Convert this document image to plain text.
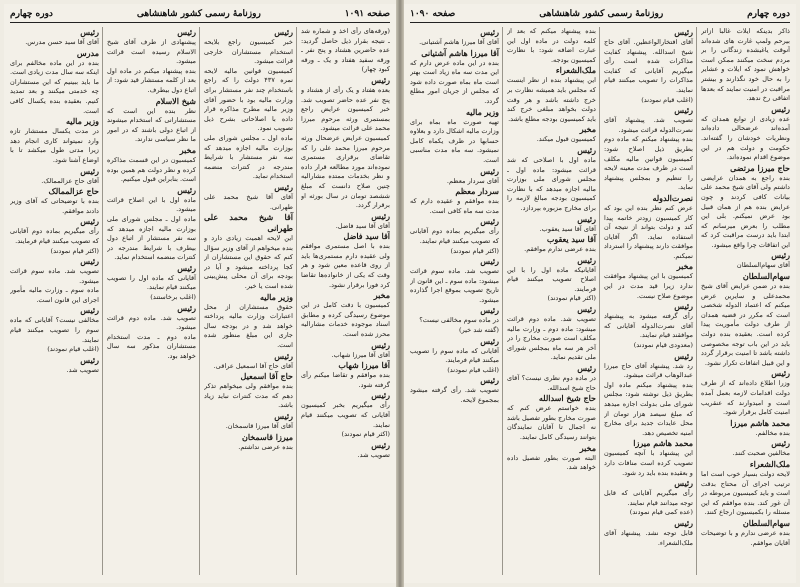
صفحه ۱۰۹۱
روزنامهٔ رسمی کشور شاهنشاهی
دوره چهارم
(ورقه‌های رأی اخذ و شماره شد ـ نتیجه بقرار ذیل حاصل گردید: عده حاضرین هشتاد و پنج نفر ـ ورقه سفید هفتاد و یک ـ ورقه کبود چهار)
رئیس
بعده هفتاد و یک رأی از هشتاد و پنج نفر عده حاضر تصویب شد. خبر کمیسیون عرایض راجع بمستمری ورثه مرحوم میرزا محمد علی قرائت میشود.
کمیسیون عرایض عرضحال ورثه مرحوم میرزا محمد علی را که تقاضای برقراری مستمری نموده‌اند مورد مطالعه قرار داده و نظر بخدمات ممتده مشارالیه چنین صلاح دانست که مبلغ ششصد تومان در سال بورثه او برقرار گردد.
رئیس
آقای آقا سید فاضل.
آقا سید فاضل
بنده با اصل مستمری موافقم ولی عقیده دارم مستمری‌ها باید از روی قاعده معین شود و هر وقت که یکی از خانواده‌ها تقاضا کرد فورا برقرار نشود.
مخبر
کمیسیون با دقت کامل در این موضوع رسیدگی کرده و مطابق اسناد موجوده خدمات مشارالیه محرز شده است.
رئیس
آقای آقا میرزا شهاب.
آقا میرزا شهاب
بنده موافقم و تقاضا میکنم رأی گرفته شود.
رئیس
رأی میگیریم بخبر کمیسیون آقایانی که تصویب میکنند قیام نمایند.
(اکثر قیام نمودند)
رئیس
تصویب شد.
رئیس
خبر کمیسیون راجع بلایحه استخدام مستشاران خارجی قرائت میشود.
کمیسیون قوانین مالیه لایحه نمره ۴۳۷ دولت را که راجع باستخدام چند نفر مستشار برای وزارت مالیه بود با حضور آقای وزیر مالیه مطرح مذاکره قرار داده با اصلاحاتی بشرح ذیل تصویب نمود.
ماده اول ـ مجلس شورای ملی بوزارت مالیه اجازه میدهد که سه نفر مستشار با شرایط مندرجه در کنترات منضمه استخدام نماید.
رئیس
آقای آقا شیخ محمد علی طهرانی.
آقا شیخ محمد علی طهرانی
این لایحه اهمیت زیادی دارد و بنده میخواهم از آقای وزیر سؤال کنم که حقوق این مستشاران از کجا پرداخته میشود و آیا در بودجه برای آن محلی پیش‌بینی شده است یا خیر.
وزیر مالیه
حقوق مستشاران از محل اعتبارات وزارت مالیه پرداخته خواهد شد و در بودجه سال جاری این مبلغ منظور شده است.
رئیس
آقای حاج آقا اسمعیل عراقی.
حاج آقا اسمعیل
بنده موافقم ولی میخواهم تذکر دهم که مدت کنترات نباید زیاد باشد.
رئیس
آقای آقا میرزا قاسمخان.
میرزا قاسمخان
بنده عرضی نداشتم.
رئیس
پیشنهادی از طرف آقای شیخ الاسلام رسیده است قرائت میشود.
بنده پیشنهاد میکنم در ماده اول بعد از کلمه مستشار قید شود: از اتباع دول بیطرف.
شیخ الاسلام
نظر بنده این است که مستشارانی که استخدام میشوند از اتباع دولی باشند که در امور ما نظر سیاسی ندارند.
مخبر
کمیسیون در این قسمت مذاکره کرده و نظر دولت هم همین بوده است. بنابراین قبول میکنیم.
رئیس
ماده اول با این اصلاح قرائت میشود.
ماده اول ـ مجلس شورای ملی بوزارت مالیه اجازه میدهد که سه نفر مستشار از اتباع دول بیطرف با شرایط مندرجه در کنترات منضمه استخدام نماید.
رئیس
آقایانی که ماده اول را تصویب میکنند قیام نمایند.
(اغلب برخاستند)
رئیس
تصویب شد. ماده دوم قرائت میشود.
ماده دوم ـ مدت استخدام مستشاران مذکور سه سال خواهد بود.
رئیس
آقای آقا سید حسن مدرس.
مدرس
بنده در این ماده مخالفم برای اینکه سه سال مدت زیادی است. ما باید ببینیم که این مستشاران چه خدمتی میکنند و بعد تمدید کنیم. بعقیده بنده یکسال کافی است.
وزیر مالیه
در مدت یکسال مستشار تازه وارد نمیتواند کاری انجام دهد زیرا مدتی طول میکشد تا با اوضاع آشنا شود.
رئیس
آقای حاج عزالممالک.
حاج عزالممالک
بنده با توضیحاتی که آقای وزیر دادند موافقم.
رئیس
رأی میگیریم بماده دوم آقایانی که تصویب میکنند قیام فرمایند.
(اکثر قیام نمودند)
رئیس
تصویب شد. ماده سوم قرائت میشود.
ماده سوم ـ وزارت مالیه مأمور اجرای این قانون است.
رئیس
مخالفی نیست؟ آقایانی که ماده سوم را تصویب میکنند قیام نمایند.
(اغلب قیام نمودند)
رئیس
تصویب شد.
دوره چهارم
روزنامهٔ رسمی کشور شاهنشاهی
صفحه ۱۰۹۰
ذاکر بدینکه ایلات غالبا ازاتر بیرحم ولمپ غارت های شده‌اند آنوقت یاغیشده زندگانی را بر مردم سخت میکنند ممکن است خواهش نمود که ایلات و عشایر را به حال خود نگذارند و بیشتر مراقبت در امنیت نمایند که بعدها اتفاقی رخ ندهد.
رئیس
عده زیادی از توابع همدان که آمده‌اند عرضحالی داده‌اند ونظریات خودشان را گفته‌اند. حکومت و دولت هم در این موضوع اقدام نموده‌اند.
حاج میرزا مرتضی
بنده راجع به همدان عرایضی داشتم ولی آقای شیخ محمد علی بیانات کافی کردند و چون عرایض بنده هم از همان قبیل بود عرض نمیکنم. بلی این مطلب را بعرض میرسانم که ابتدا باید درست مراقبت کرد که این اتفاقات چرا واقع میشود.
رئیس
آقای سهام‌السلطان
سهام‌السلطان
بنده در ضمن عرایض آقای شیخ محمدعلی و سایرین عرض میکنم که اعتماد الدوله شخصی است که مکرر در قضیه همدان از طرف دولت مأموریت پیدا کرده است. بعقیده بنده دولت باید در این باب توجه مخصوصی داشته باشد تا امنیت برقرار گردد و این قبیل اتفاقات تکرار نشود.
رئیس
وزرا اطلاع داده‌اند که از طرف دولت اقدامات لازمه بعمل آمده است و امیدوارند که عنقریب امنیت کامل برقرار شود.
محمد هاشم میرزا
بنده مخالفم.
رئیس
مخالفین صحبت کنند.
ملک‌الشعراء
لایحه دولت بسیار خوب است اما ترتیب اجرای آن محتاج بدقت است و باید کمیسیون مربوطه در آن غور کند. بنده موافقم که این مسئله را بکمیسیون ارجاع کنند.
سهام‌السلطان
بنده عرضی ندارم و با توضیحات آقایان موافقم.
رئیس
آقای افتخارالواعظین. آقای حاج شیخ اسدالله. پیشنهاد کفایت مذاکرات شده است رأی میگیریم آقایانی که کفایت مذاکرات را تصویب میکنند قیام نمایند.
(اغلب قیام نمودند)
رئیس
تصویب شد. پیشنهاد آقای نصرت‌الدوله قرائت میشود.
بنده پیشنهاد میکنم که ماده دوم بطریق ذیل اصلاح شود: کمیسیون قوانین مالیه مکلف است در ظرف مدت معینه لایحه را تنظیم و بمجلس پیشنهاد نماید.
نصرت‌الدوله
عرض کنم نظر بنده این بود که کار کمیسیون زودتر خاتمه پیدا کند و دولت بتواند از نتیجه آن استفاده نماید. اگر آقایان موافقت دارند پیشنهاد را استرداد نمیکنم.
مخبر
کمیسیون با این پیشنهاد موافقت ندارد زیرا قید مدت در این موضوع صلاح نیست.
رئیس
رأی گرفته میشود به پیشنهاد آقای نصرت‌الدوله آقایانی که موافقند قیام نمایند.
(معدودی قیام نمودند)
رئیس
رد شد. پیشنهاد آقای حاج میرزا عبدالوهاب قرائت میشود.
بنده پیشنهاد میکنم ماده اول بطریق ذیل نوشته شود: مجلس شورای ملی بدولت اجازه میدهد که مبلغ سیصد هزار تومان از محل عایدات جدید برای مخارج امنیه تخصیص دهد.
محمد هاشم میرزا
این پیشنهاد با آنچه کمیسیون تصویب کرده است منافات دارد و بعقیده بنده باید رد شود.
رئیس
رأی میگیریم آقایانی که قابل توجه میدانند قیام نمایند.
(عده کمی قیام نمودند)
رئیس
قابل توجه نشد. پیشنهاد آقای ملک‌الشعراء.
بنده پیشنهاد میکنم که بعد از کلمه دولت در ماده اول این عبارت اضافه شود: با نظارت کمیسیون بودجه.
ملک‌الشعراء
این پیشنهاد بنده از نظر اینست که مجلس باید همیشه نظارت بر خرج داشته باشد و هر وقت دولت بخواهد مبلغی خرج کند باید کمیسیون بودجه مطلع باشد.
مخبر
کمیسیون قبول میکند.
رئیس
ماده اول با اصلاحی که شد قرائت میشود: ماده اول ـ مجلس شورای ملی بوزارت مالیه اجازه میدهد که با نظارت کمیسیون بودجه مبالغ لازمه را برای مخارج مزبوره بپردازد.
رئیس
آقای آقا سید یعقوب.
آقا سید یعقوب
بنده عرضی ندارم موافقم.
رئیس
آقایانیکه ماده اول را با این اصلاح تصویب میکنند قیام فرمایند.
(اکثر قیام نمودند)
رئیس
تصویب شد. ماده دوم قرائت میشود: ماده دوم ـ وزارت مالیه مکلف است صورت مخارج را در آخر هر سه ماه بمجلس شورای ملی تقدیم نماید.
رئیس
در ماده دوم نظری نیست؟ آقای حاج شیخ اسدالله.
حاج شیخ اسدالله
بنده خواستم عرض کنم که صورت مخارج بطور تفصیل باشد نه اجمال تا آقایان نمایندگان بتوانند رسیدگی کامل نمایند.
مخبر
البته صورت بطور تفصیل داده خواهد شد.
رئیس
آقای آقا میرزا هاشم آشتیانی.
آقا میرزا هاشم آشتیانی
بنده در این ماده عرض دارم که این مدت سه ماه زیاد است بهتر است ماه بماه صورت داده شود که مجلس از جریان امور مطلع گردد.
وزیر مالیه
تهیه صورت ماه بماه برای وزارت مالیه اشکال دارد و بعلاوه حسابها در ظرف یکماه کامل نمیشود. سه ماه مدت مناسبی است.
رئیس
آقای سردار معظم.
سردار معظم
بنده موافقم و عقیده دارم که مدت سه ماه کافی است.
رئیس
رأی میگیریم بماده دوم آقایانی که تصویب میکنند قیام نمایند.
(اکثر قیام نمودند)
رئیس
تصویب شد. ماده سوم قرائت میشود: ماده سوم ـ این قانون از تاریخ تصویب بموقع اجرا گذارده میشود.
رئیس
در ماده سوم مخالفی نیست؟
(گفته شد خیر)
رئیس
آقایانی که ماده سوم را تصویب میکنند قیام فرمایند.
(اغلب قیام نمودند)
رئیس
تصویب شد. رأی گرفته میشود بمجموع لایحه.
